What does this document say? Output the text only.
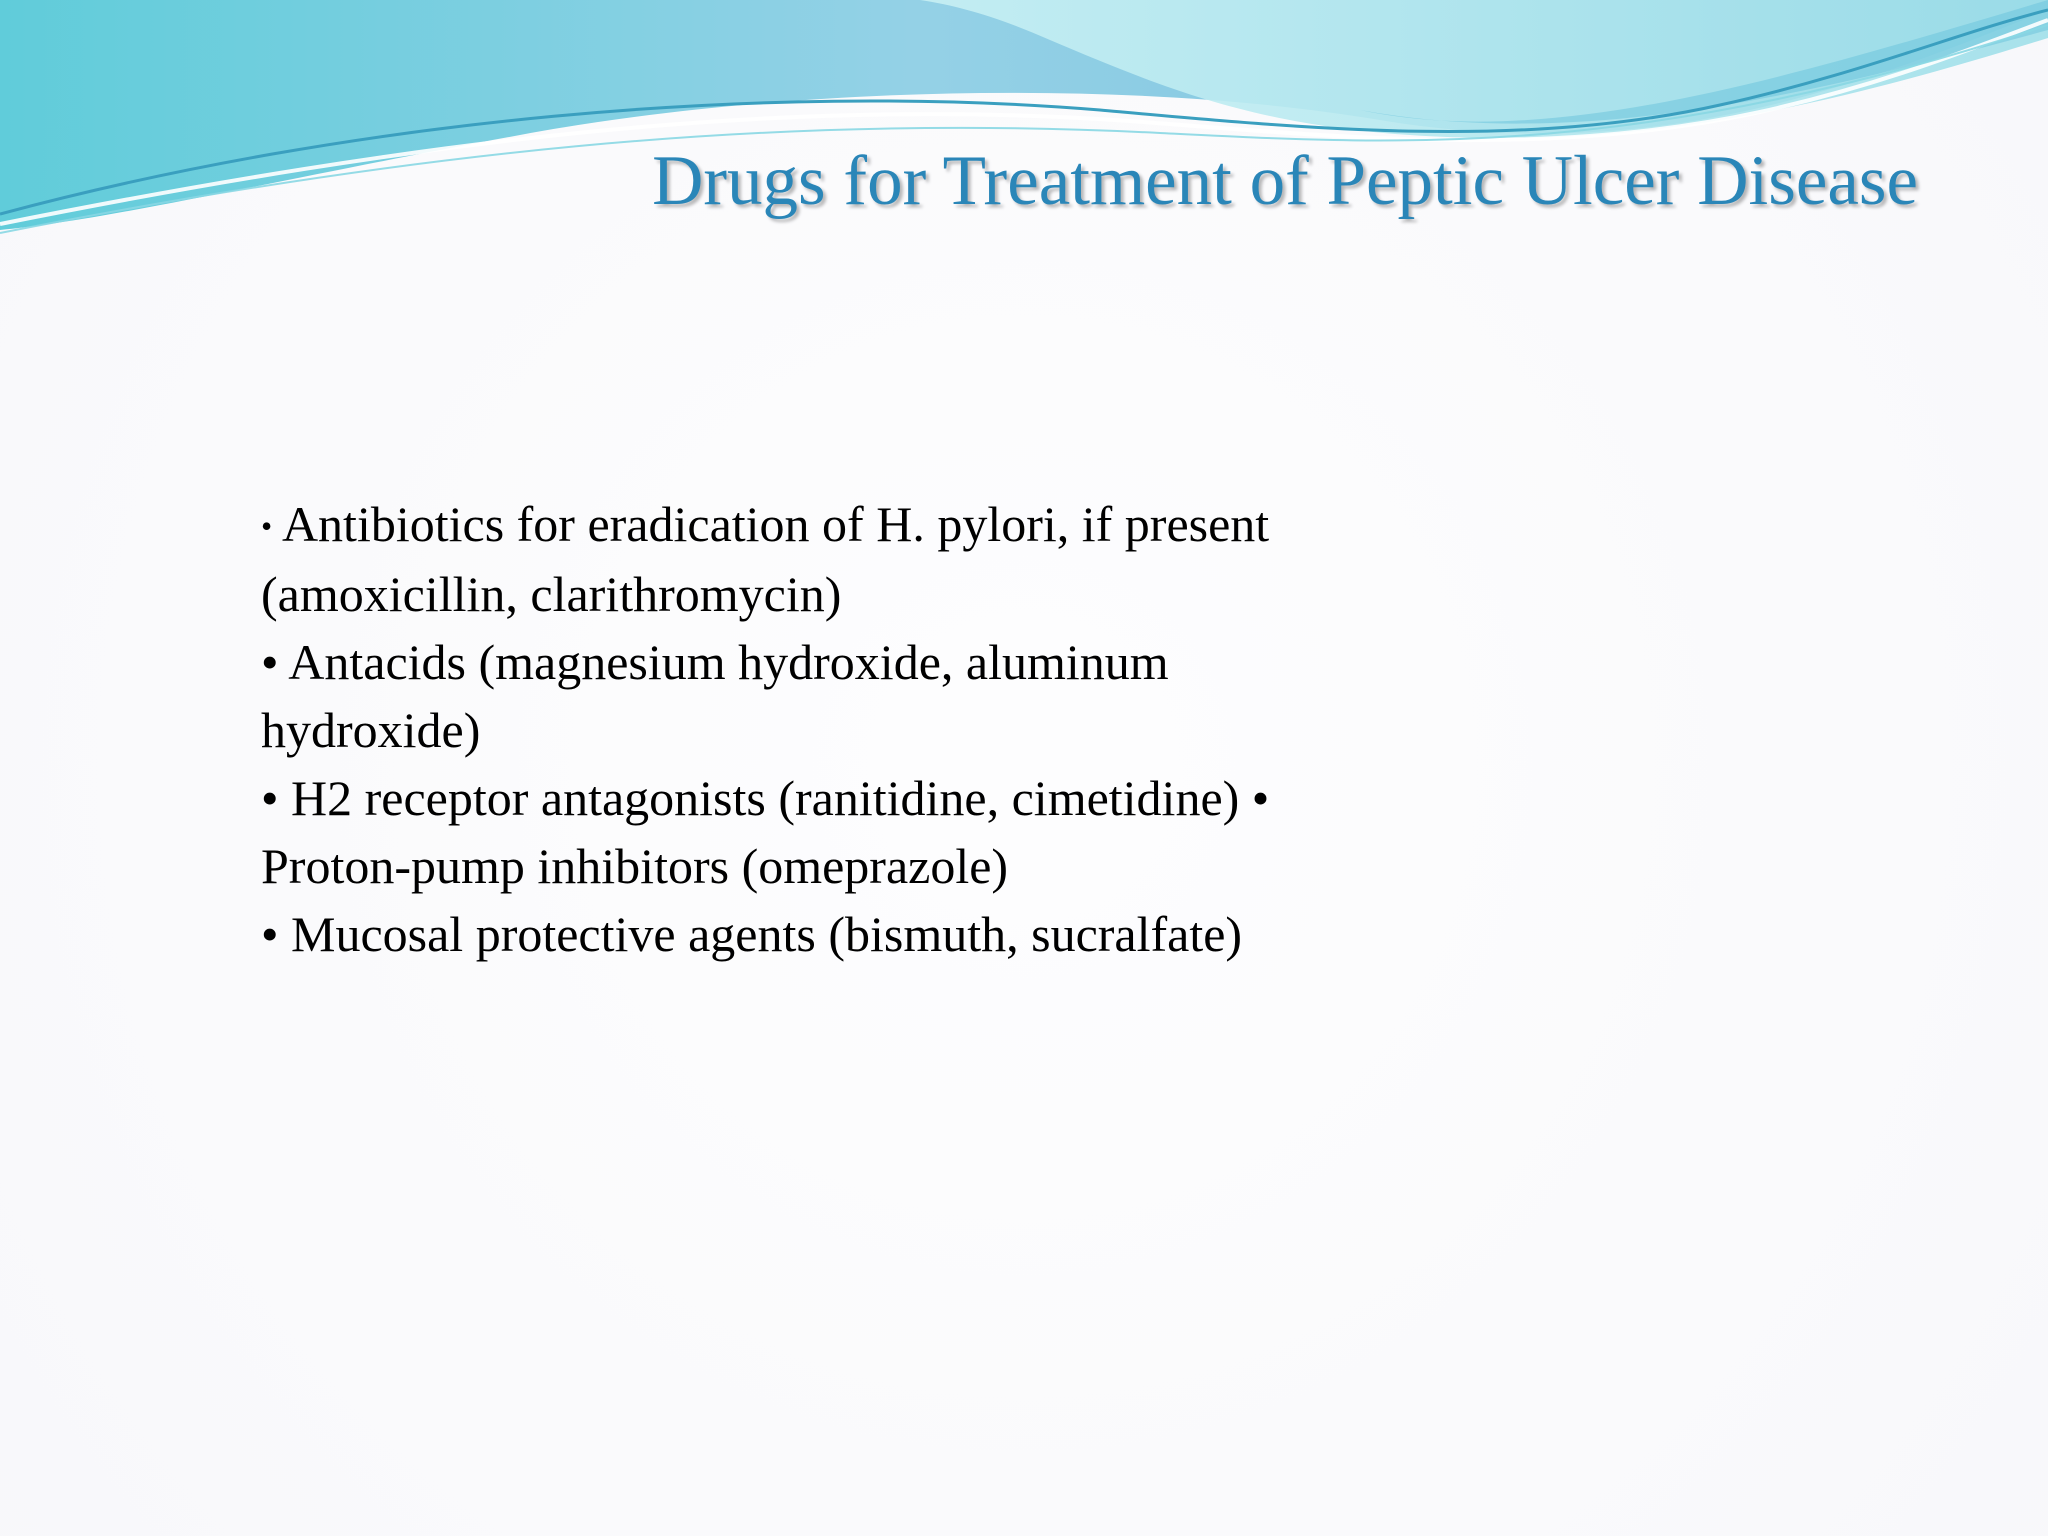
Drugs for Treatment of Peptic Ulcer Disease
• Antibiotics for eradication of H. pylori, if present
(amoxicillin, clarithromycin)
• Antacids (magnesium hydroxide, aluminum
hydroxide)
• H2 receptor antagonists (ranitidine, cimetidine) •
Proton-pump inhibitors (omeprazole)
• Mucosal protective agents (bismuth, sucralfate)
